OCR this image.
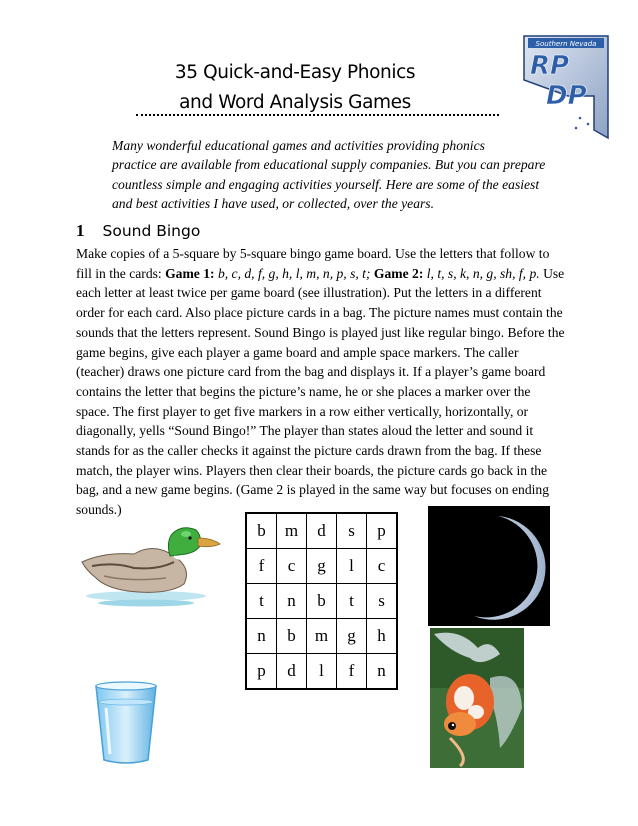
35 Quick-and-Easy Phonics
and Word Analysis Games
Southern Nevada
RP
DP

Many wonderful educational games and activities providing phonics

practice are available from educational supply companies. But you can prepare

countless simple and engaging activities yourself. Here are some of the easiest

and best activities I have used, or collected, over the years.

1 Sound Bingo

Make copies of a 5-square by 5-square bingo game board. Use the letters that follow to fill in the cards: Game 1: b, c, d, f, g, h, l, m, n, p, s, t; Game 2: l, t, s, k, n, g, sh, f, p. Use each letter at least twice per game board (see illustration). Put the letters in a different order for each card. Also place picture cards in a bag. The picture names must contain the sounds that the letters represent. Sound Bingo is played just like regular bingo. Before the game begins, give each player a game board and ample space markers. The caller (teacher) draws one picture card from the bag and displays it. If a player’s game board contains the letter that begins the picture’s name, he or she places a marker over the space. The first player to get five markers in a row either vertically, horizontally, or diagonally, yells “Sound Bingo!” The player than states aloud the letter and sound it stands for as the caller checks it against the picture cards drawn from the bag. If these match, the player wins. Players then clear their boards, the picture cards go back in the bag, and a new game begins. (Game 2 is played in the same way but focuses on ending sounds.)

b	m	d	s	p
f	c	g	l	c
t	n	b	t	s
n	b	m	g	h
p	d	l	f	n
